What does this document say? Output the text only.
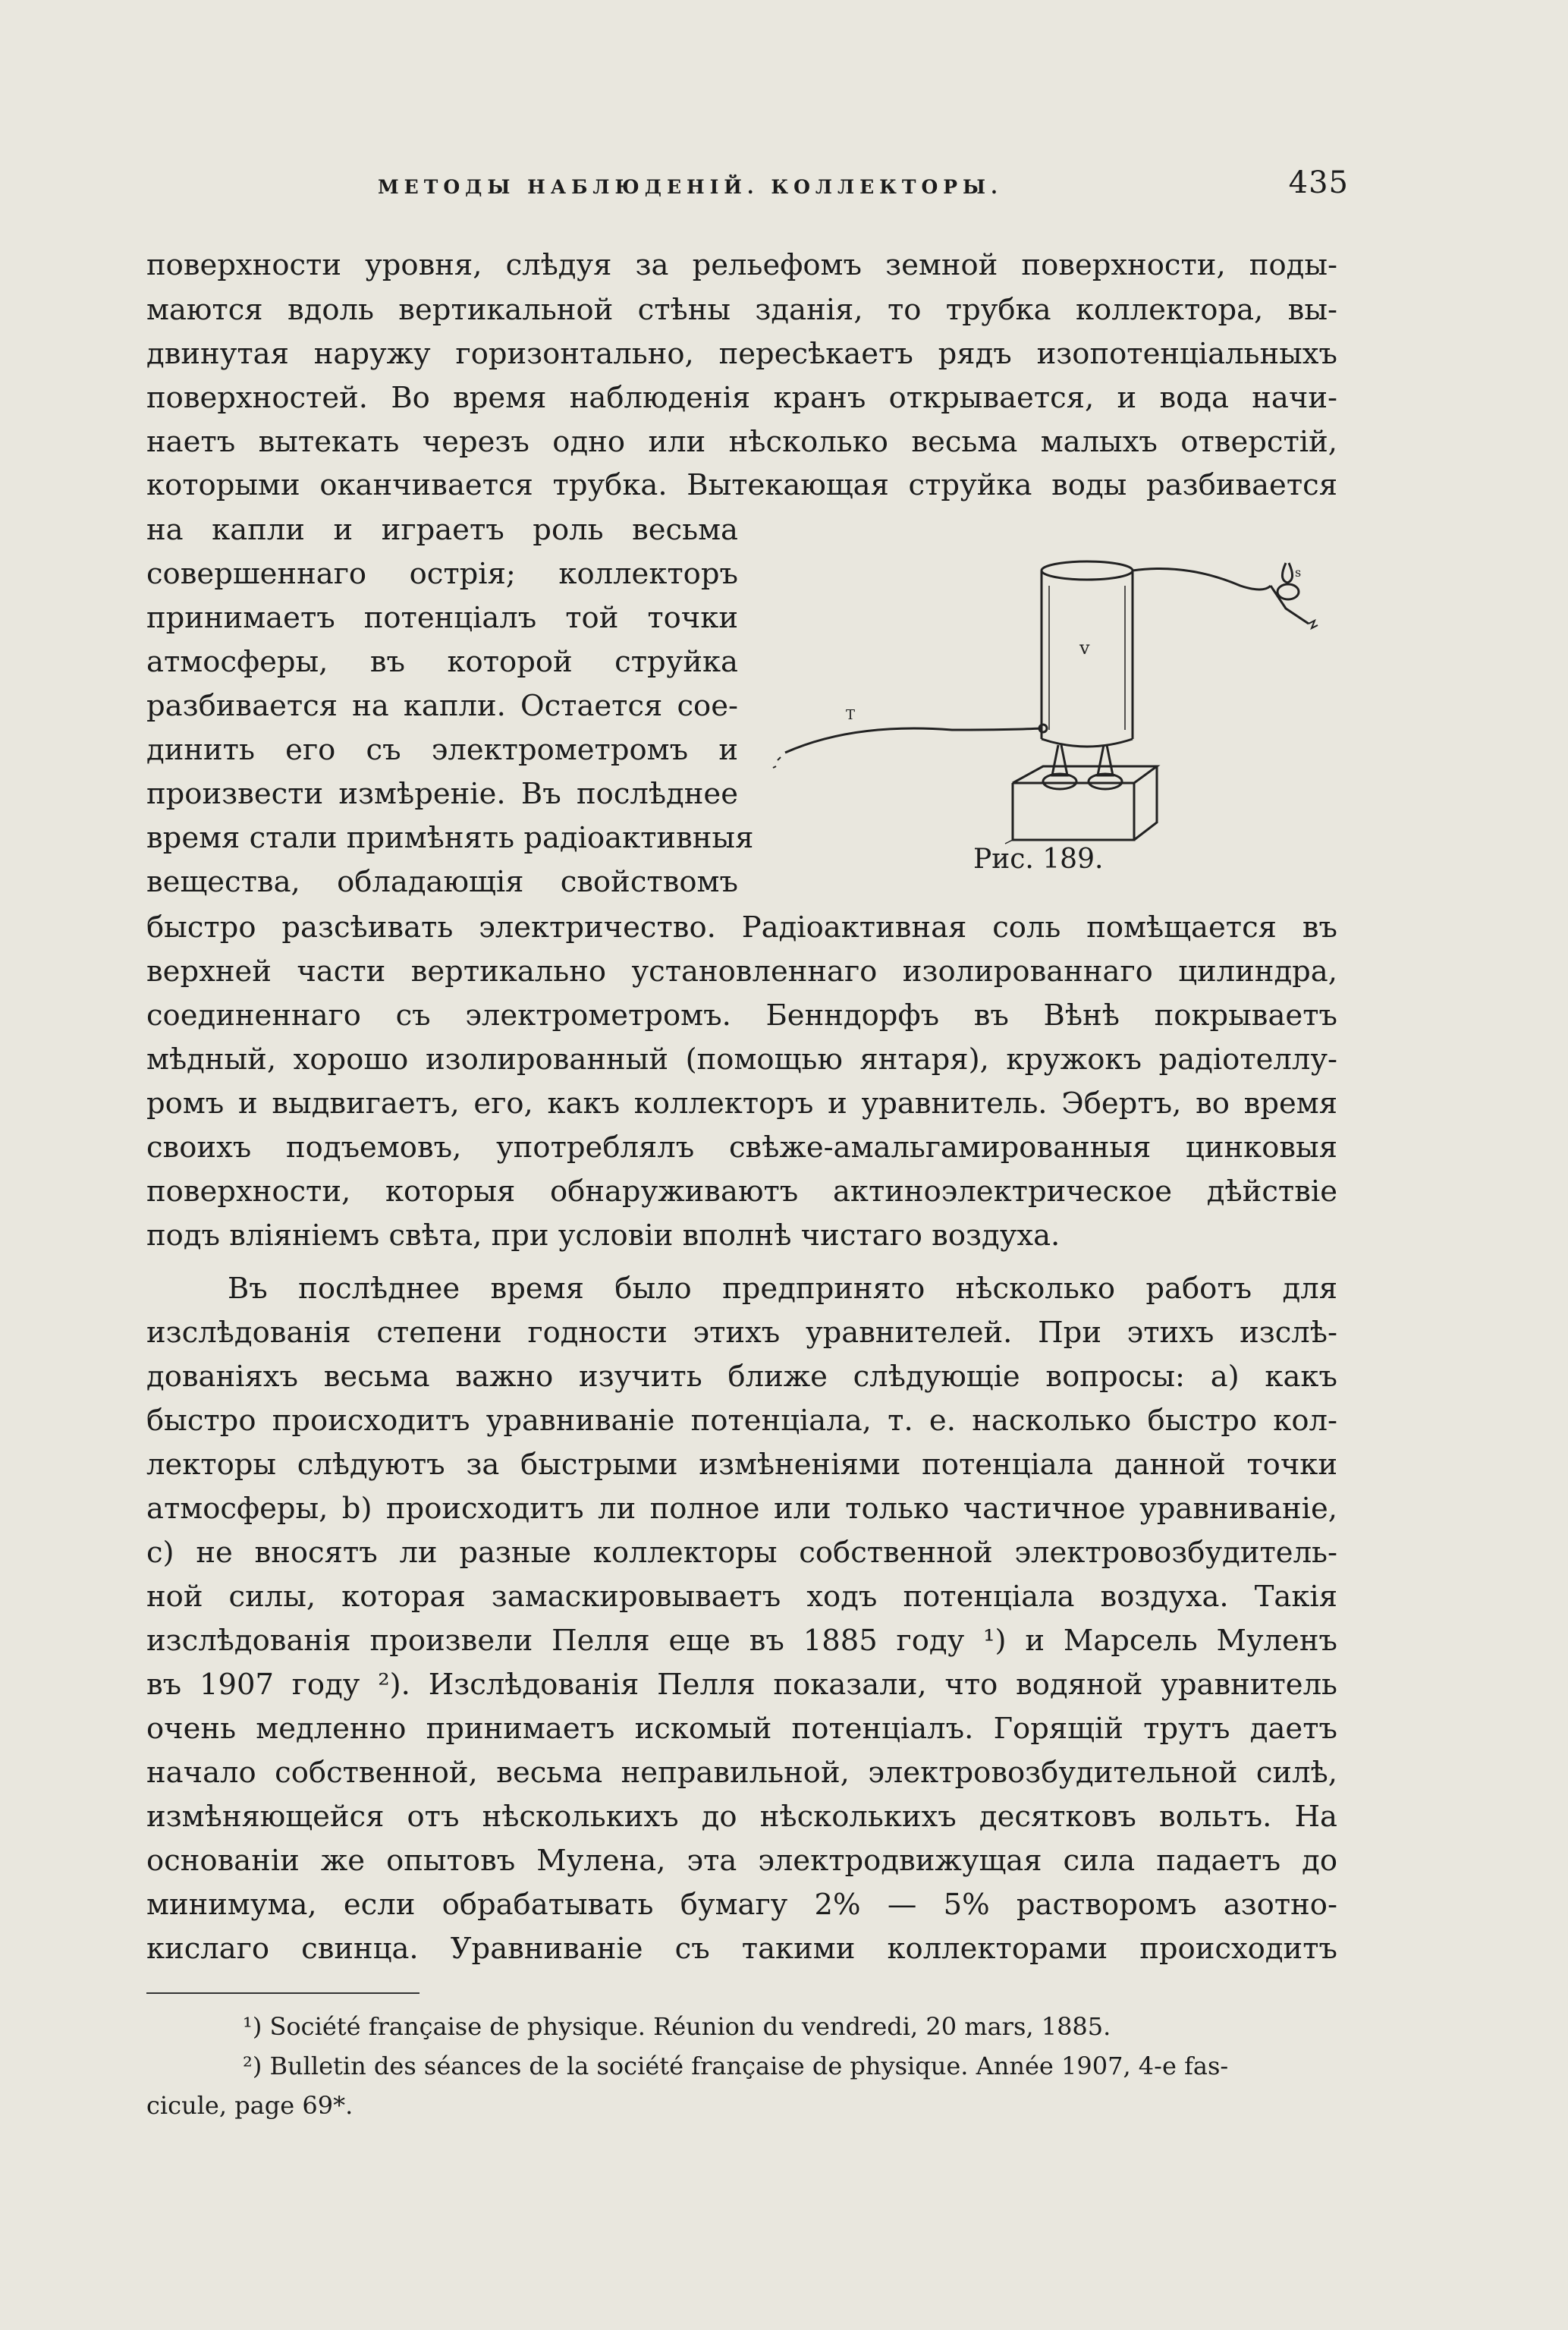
МЕТОДЫ НАБЛЮДЕНІЙ. КОЛЛЕКТОРЫ.	435
поверхности уровня, слѣдуя за рельефомъ земной поверхности, поды-
маются вдоль вертикальной стѣны зданія, то трубка коллектора, вы-
двинутая наружу горизонтально, пересѣкаетъ рядъ изопотенціальныхъ
поверхностей. Во время наблюденія кранъ открывается, и вода начи-
наетъ вытекать черезъ одно или нѣсколько весьма малыхъ отверстій,
которыми оканчивается трубка. Вытекающая струйка воды разбивается
на капли и играетъ роль весьма
совершеннаго острія; коллекторъ
принимаетъ потенціалъ той точки
атмосферы, въ которой струйка
разбивается на капли. Остается сое-
динить его съ электрометромъ и
произвести измѣреніе. Въ послѣднее
время стали примѣнять радіоактивныя
вещества, обладающія свойствомъ
быстро разсѣивать электричество. Радіоактивная соль помѣщается въ
верхней части вертикально установленнаго изолированнаго цилиндра,
соединеннаго съ электрометромъ. Бенндорфъ въ Вѣнѣ покрываетъ
мѣдный, хорошо изолированный (помощью янтаря), кружокъ радіотеллу-
ромъ и выдвигаетъ, его, какъ коллекторъ и уравнитель. Эбертъ, во время
своихъ подъемовъ, употреблялъ свѣже-амальгамированныя цинковыя
поверхности, которыя обнаруживаютъ актиноэлектрическое дѣйствіе
подъ вліяніемъ свѣта, при условіи вполнѣ чистаго воздуха.
Въ послѣднее время было предпринято нѣсколько работъ для
изслѣдованія степени годности этихъ уравнителей. При этихъ изслѣ-
дованіяхъ весьма важно изучить ближе слѣдующіе вопросы: a) какъ
быстро происходитъ уравниваніе потенціала, т. е. насколько быстро кол-
лекторы слѣдуютъ за быстрыми измѣненіями потенціала данной точки
атмосферы, b) происходитъ ли полное или только частичное уравниваніе,
c) не вносятъ ли разные коллекторы собственной электровозбудитель-
ной силы, которая замаскировываетъ ходъ потенціала воздуха. Такія
изслѣдованія произвели Пелля еще въ 1885 году ¹) и Марсель Муленъ
въ 1907 году ²). Изслѣдованія Пелля показали, что водяной уравнитель
очень медленно принимаетъ искомый потенціалъ. Горящій трутъ даетъ
начало собственной, весьма неправильной, электровозбудительной силѣ,
измѣняющейся отъ нѣсколькихъ до нѣсколькихъ десятковъ вольтъ. На
основаніи же опытовъ Мулена, эта электродвижущая сила падаетъ до
минимума, если обрабатывать бумагу 2% — 5% растворомъ азотно-
кислаго свинца. Уравниваніе съ такими коллекторами происходитъ
v
T
s
Рис. 189.
¹) Société française de physique. Réunion du vendredi, 20 mars, 1885.
²) Bulletin des séances de la société française de physique. Année 1907, 4-e fas-
cicule, page 69*.
